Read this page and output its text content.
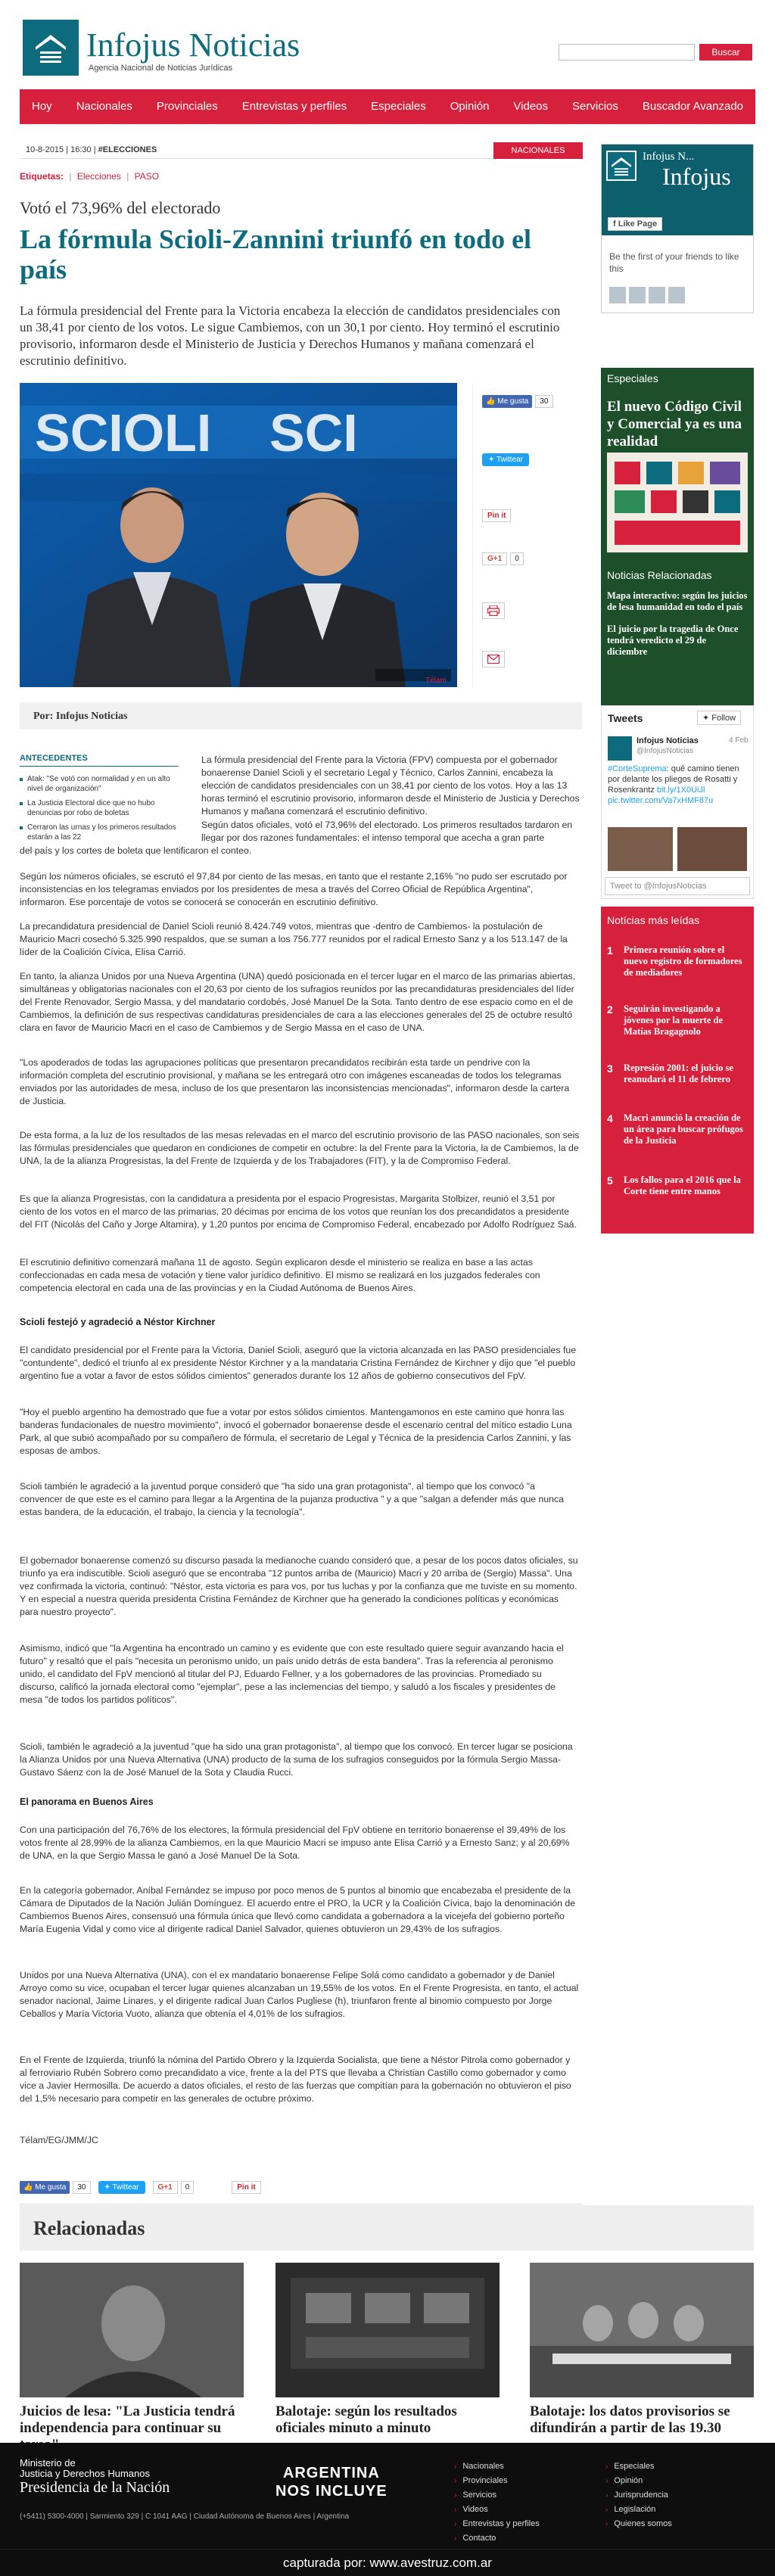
Infojus Noticias
Agencia Nacional de Noticias Jurídicas
Buscar
Hoy	Nacionales	Provinciales	Entrevistas y perfiles	Especiales	Opinión	Videos	Servicios	Buscador Avanzado
10-8-2015 | 16:30 | #ELECCIONES	NACIONALES
Etiquetas: | Elecciones | PASO
Votó el 73,96% del electorado
La fórmula Scioli-Zannini triunfó en todo el país

La fórmula presidencial del Frente para la Victoria encabeza la elección de candidatos presidenciales con un 38,41 por ciento de los votos. Le sigue Cambiemos, con un 30,1 por ciento. Hoy terminó el escrutinio provisorio, informaron desde el Ministerio de Justicia y Derechos Humanos y mañana comenzará el escrutinio definitivo.

SCIOLI SCI
Télam
👍 Me gusta	30
✦ Twittear
Pin it
G+1	0
Por: Infojus Noticias
ANTECEDENTES
Atak: "Se votó con normalidad y en un alto nivel de organización"
La Justicia Electoral dice que no hubo denuncias por robo de boletas
Cerraron las urnas y los primeros resultados estarán a las 22

La fórmula presidencial del Frente para la Victoria (FPV) compuesta por el gobernador bonaerense Daniel Scioli y el secretario Legal y Técnico, Carlos Zannini, encabeza la elección de candidatos presidenciales con un 38,41 por ciento de los votos. Hoy a las 13 horas terminó el escrutinio provisorio, informaron desde el Ministerio de Justicia y Derechos Humanos y mañana comenzará el escrutinio definitivo.

Según datos oficiales, votó el 73,96% del electorado. Los primeros resultados tardaron en llegar por dos razones fundamentales: el intenso temporal que acecha a gran parte

del país y los cortes de boleta que lentificaron el conteo.

Según los números oficiales, se escrutó el 97,84 por ciento de las mesas, en tanto que el restante 2,16% "no pudo ser escrutado por inconsistencias en los telegramas enviados por los presidentes de mesa a través del Correo Oficial de República Argentina", informaron. Ese porcentaje de votos se conocerá se conocerán en escrutinio definitivo.

La precandidatura presidencial de Daniel Scioli reunió 8.424.749 votos, mientras que -dentro de Cambiemos- la postulación de Mauricio Macri cosechó 5.325.990 respaldos, que se suman a los 756.777 reunidos por el radical Ernesto Sanz y a los 513.147 de la líder de la Coalición Cívica, Elisa Carrió.

En tanto, la alianza Unidos por una Nueva Argentina (UNA) quedó posicionada en el tercer lugar en el marco de las primarias abiertas, simultáneas y obligatorias nacionales con el 20,63 por ciento de los sufragios reunidos por las precandidaturas presidenciales del líder del Frente Renovador, Sergio Massa, y del mandatario cordobés, José Manuel De la Sota. Tanto dentro de ese espacio como en el de Cambiemos, la definición de sus respectivas candidaturas presidenciales de cara a las elecciones generales del 25 de octubre resultó clara en favor de Mauricio Macri en el caso de Cambiemos y de Sergio Massa en el caso de UNA.

"Los apoderados de todas las agrupaciones políticas que presentaron precandidatos recibirán esta tarde un pendrive con la información completa del escrutinio provisional, y mañana se les entregará otro con imágenes escaneadas de todos los telegramas enviados por las autoridades de mesa, incluso de los que presentaron las inconsistencias mencionadas", informaron desde la cartera de Justicia.

De esta forma, a la luz de los resultados de las mesas relevadas en el marco del escrutinio provisorio de las PASO nacionales, son seis las fórmulas presidenciales que quedaron en condiciones de competir en octubre: la del Frente para la Victoria, la de Cambiemos, la de UNA, la de la alianza Progresistas, la del Frente de Izquierda y de los Trabajadores (FIT), y la de Compromiso Federal.

Es que la alianza Progresistas, con la candidatura a presidenta por el espacio Progresistas, Margarita Stolbizer, reunió el 3,51 por ciento de los votos en el marco de las primarias, 20 décimas por encima de los votos que reunían los dos precandidatos a presidente del FIT (Nicolás del Caño y Jorge Altamira), y 1,20 puntos por encima de Compromiso Federal, encabezado por Adolfo Rodríguez Saá.

El escrutinio definitivo comenzará mañana 11 de agosto. Según explicaron desde el ministerio se realiza en base a las actas confeccionadas en cada mesa de votación y tiene valor jurídico definitivo. El mismo se realizará en los juzgados federales con competencia electoral en cada una de las provincias y en la Ciudad Autónoma de Buenos Aires.

Scioli festejó y agradeció a Néstor Kirchner

El candidato presidencial por el Frente para la Victoria, Daniel Scioli, aseguró que la victoria alcanzada en las PASO presidenciales fue "contundente", dedicó el triunfo al ex presidente Néstor Kirchner y a la mandataria Cristina Fernández de Kirchner y dijo que "el pueblo argentino fue a votar a favor de estos sólidos cimientos" generados durante los 12 años de gobierno consecutivos del FpV.

"Hoy el pueblo argentino ha demostrado que fue a votar por estos sólidos cimientos. Mantengamonos en este camino que honra las banderas fundacionales de nuestro movimiento", invocó el gobernador bonaerense desde el escenario central del mítico estadio Luna Park, al que subió acompañado por su compañero de fórmula, el secretario de Legal y Técnica de la presidencia Carlos Zannini, y las esposas de ambos.

Scioli también le agradeció a la juventud porque consideró que "ha sido una gran protagonista", al tiempo que los convocó "a convencer de que este es el camino para llegar a la Argentina de la pujanza productiva " y a que "salgan a defender más que nunca estas bandera, de la educación, el trabajo, la ciencia y la tecnología".

El gobernador bonaerense comenzó su discurso pasada la medianoche cuando consideró que, a pesar de los pocos datos oficiales, su triunfo ya era indiscutible. Scioli aseguró que se encontraba "12 puntos arriba de (Mauricio) Macri y 20 arriba de (Sergio) Massa". Una vez confirmada la victoria, continuó: "Néstor, esta victoria es para vos, por tus luchas y por la confianza que me tuviste en su momento. Y en especial a nuestra querida presidenta Cristina Fernández de Kirchner que ha generado la condiciones políticas y económicas para nuestro proyecto".

Asimismo, indicó que "la Argentina ha encontrado un camino y es evidente que con este resultado quiere seguir avanzando hacia el futuro" y resaltó que el país "necesita un peronismo unido, un país unido detrás de esta bandera". Tras la referencia al peronismo unido, el candidato del FpV mencionó al titular del PJ, Eduardo Fellner, y a los gobernadores de las provincias. Promediado su discurso, calificó la jornada electoral como "ejemplar", pese a las inclemencias del tiempo, y saludó a los fiscales y presidentes de mesa "de todos los partidos políticos".

Scioli, también le agradeció a la juventud "que ha sido una gran protagonista", al tiempo que los convocó. En tercer lugar se posiciona la Alianza Unidos por una Nueva Alternativa (UNA) producto de la suma de los sufragios conseguidos por la fórmula Sergio Massa-Gustavo Sáenz con la de José Manuel de la Sota y Claudia Rucci.

El panorama en Buenos Aires

Con una participación del 76,76% de los electores, la fórmula presidencial del FpV obtiene en territorio bonaerense el 39,49% de los votos frente al 28,99% de la alianza Cambiemos, en la que Mauricio Macri se impuso ante Elisa Carrió y a Ernesto Sanz; y al 20,69% de UNA, en la que Sergio Massa le ganó a José Manuel De la Sota.

En la categoría gobernador, Aníbal Fernández se impuso por poco menos de 5 puntos al binomio que encabezaba el presidente de la Cámara de Diputados de la Nación Julián Domínguez. El acuerdo entre el PRO, la UCR y la Coalición Cívica, bajo la denominación de Cambiemos Buenos Aires, consensuó una fórmula única que llevó como candidata a gobernadora a la vicejefa del gobierno porteño María Eugenia Vidal y como vice al dirigente radical Daniel Salvador, quienes obtuvieron un 29,43% de los sufragios.

Unidos por una Nueva Alternativa (UNA), con el ex mandatario bonaerense Felipe Solá como candidato a gobernador y de Daniel Arroyo como su vice, ocupaban el tercer lugar quienes alcanzaban un 19,55% de los votos. En el Frente Progresista, en tanto, el actual senador nacional, Jaime Linares, y el dirigente radical Juan Carlos Pugliese (h), triunfaron frente al binomio compuesto por Jorge Ceballos y María Victoria Vuoto, alianza que obtenía el 4,01% de los sufragios.

En el Frente de Izquierda, triunfó la nómina del Partido Obrero y la Izquierda Socialista, que tiene a Néstor Pitrola como gobernador y al ferroviario Rubén Sobrero como precandidato a vice, frente a la del PTS que llevaba a Christian Castillo como gobernador y como vice a Javier Hermosilla. De acuerdo a datos oficiales, el resto de las fuerzas que compitían para la gobernación no obtuvieron el piso del 1,5% necesario para competir en las generales de octubre próximo.

Télam/EG/JMM/JC

👍 Me gusta	30	✦ Twittear	G+1	0	Pin it
Infojus N...
Infojus
f Like Page
Be the first of your friends to like this
Especiales
El nuevo Código Civil y Comercial ya es una realidad
Noticias Relacionadas
Mapa interactivo: según los juicios de lesa humanidad en todo el país
El juicio por la tragedia de Once tendrá veredicto el 29 de diciembre
Tweets	✦ Follow
Infojus Noticias	4 Feb
@InfojusNoticias
#CorteSuprema: qué camino tienen por delante los pliegos de Rosatti y Rosenkrantz bit.ly/1X0UiJl pic.twitter.com/Va7xHMF87u
Tweet to @InfojusNoticias
Notícias más leídas
1	Primera reunión sobre el nuevo registro de formadores de mediadores
2	Seguirán investigando a jóvenes por la muerte de Matías Bragagnolo
3	Represión 2001: el juicio se reanudará el 11 de febrero
4	Macri anunció la creación de un área para buscar prófugos de la Justicia
5	Los fallos para el 2016 que la Corte tiene entre manos
Relacionadas
Juicios de lesa: "La Justicia tendrá independencia para continuar su
Balotaje: según los resultados oficiales minuto a minuto
Balotaje: los datos provisorios se difundirán a partir de las 19.30
Ministerio de
Justicia y Derechos Humanos
Presidencia de la Nación
(+5411) 5300-4000 | Sarmiento 329 | C 1041 AAG | Ciudad Autónoma de Buenos Aires | Argentina
ARGENTINA
NOS INCLUYE
› Nacionales
› Provinciales
› Servicios
› Videos
› Entrevistas y perfiles
› Contacto
› Especiales
› Opinión
› Jurisprudencia
› Legislación
› Quienes somos
capturada por: www.avestruz.com.ar
